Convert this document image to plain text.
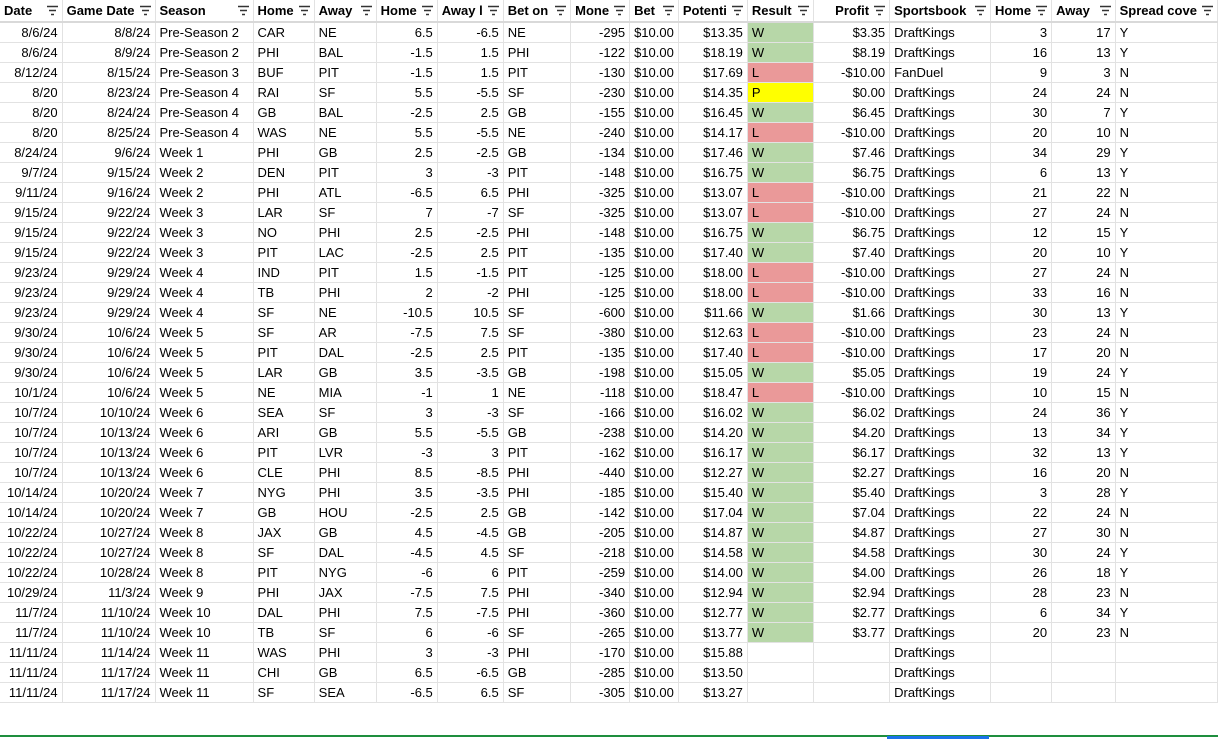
Date	Game Date	Season	Home	Away	Home	Away l	Bet on	Mone	Bet	Potenti	Result	Profit	Sportsbook	Home	Away	Spread cove

8/6/24	8/8/24	Pre-Season 2	CAR	NE	6.5	-6.5	NE	-295	$10.00	$13.35	W	$3.35	DraftKings	3	17	Y
8/6/24	8/9/24	Pre-Season 2	PHI	BAL	-1.5	1.5	PHI	-122	$10.00	$18.19	W	$8.19	DraftKings	16	13	Y
8/12/24	8/15/24	Pre-Season 3	BUF	PIT	-1.5	1.5	PIT	-130	$10.00	$17.69	L	-$10.00	FanDuel	9	3	N
8/20	8/23/24	Pre-Season 4	RAI	SF	5.5	-5.5	SF	-230	$10.00	$14.35	P	$0.00	DraftKings	24	24	N
8/20	8/24/24	Pre-Season 4	GB	BAL	-2.5	2.5	GB	-155	$10.00	$16.45	W	$6.45	DraftKings	30	7	Y
8/20	8/25/24	Pre-Season 4	WAS	NE	5.5	-5.5	NE	-240	$10.00	$14.17	L	-$10.00	DraftKings	20	10	N
8/24/24	9/6/24	Week 1	PHI	GB	2.5	-2.5	GB	-134	$10.00	$17.46	W	$7.46	DraftKings	34	29	Y
9/7/24	9/15/24	Week 2	DEN	PIT	3	-3	PIT	-148	$10.00	$16.75	W	$6.75	DraftKings	6	13	Y
9/11/24	9/16/24	Week 2	PHI	ATL	-6.5	6.5	PHI	-325	$10.00	$13.07	L	-$10.00	DraftKings	21	22	N
9/15/24	9/22/24	Week 3	LAR	SF	7	-7	SF	-325	$10.00	$13.07	L	-$10.00	DraftKings	27	24	N
9/15/24	9/22/24	Week 3	NO	PHI	2.5	-2.5	PHI	-148	$10.00	$16.75	W	$6.75	DraftKings	12	15	Y
9/15/24	9/22/24	Week 3	PIT	LAC	-2.5	2.5	PIT	-135	$10.00	$17.40	W	$7.40	DraftKings	20	10	Y
9/23/24	9/29/24	Week 4	IND	PIT	1.5	-1.5	PIT	-125	$10.00	$18.00	L	-$10.00	DraftKings	27	24	N
9/23/24	9/29/24	Week 4	TB	PHI	2	-2	PHI	-125	$10.00	$18.00	L	-$10.00	DraftKings	33	16	N
9/23/24	9/29/24	Week 4	SF	NE	-10.5	10.5	SF	-600	$10.00	$11.66	W	$1.66	DraftKings	30	13	Y
9/30/24	10/6/24	Week 5	SF	AR	-7.5	7.5	SF	-380	$10.00	$12.63	L	-$10.00	DraftKings	23	24	N
9/30/24	10/6/24	Week 5	PIT	DAL	-2.5	2.5	PIT	-135	$10.00	$17.40	L	-$10.00	DraftKings	17	20	N
9/30/24	10/6/24	Week 5	LAR	GB	3.5	-3.5	GB	-198	$10.00	$15.05	W	$5.05	DraftKings	19	24	Y
10/1/24	10/6/24	Week 5	NE	MIA	-1	1	NE	-118	$10.00	$18.47	L	-$10.00	DraftKings	10	15	N
10/7/24	10/10/24	Week 6	SEA	SF	3	-3	SF	-166	$10.00	$16.02	W	$6.02	DraftKings	24	36	Y
10/7/24	10/13/24	Week 6	ARI	GB	5.5	-5.5	GB	-238	$10.00	$14.20	W	$4.20	DraftKings	13	34	Y
10/7/24	10/13/24	Week 6	PIT	LVR	-3	3	PIT	-162	$10.00	$16.17	W	$6.17	DraftKings	32	13	Y
10/7/24	10/13/24	Week 6	CLE	PHI	8.5	-8.5	PHI	-440	$10.00	$12.27	W	$2.27	DraftKings	16	20	N
10/14/24	10/20/24	Week 7	NYG	PHI	3.5	-3.5	PHI	-185	$10.00	$15.40	W	$5.40	DraftKings	3	28	Y
10/14/24	10/20/24	Week 7	GB	HOU	-2.5	2.5	GB	-142	$10.00	$17.04	W	$7.04	DraftKings	22	24	N
10/22/24	10/27/24	Week 8	JAX	GB	4.5	-4.5	GB	-205	$10.00	$14.87	W	$4.87	DraftKings	27	30	N
10/22/24	10/27/24	Week 8	SF	DAL	-4.5	4.5	SF	-218	$10.00	$14.58	W	$4.58	DraftKings	30	24	Y
10/22/24	10/28/24	Week 8	PIT	NYG	-6	6	PIT	-259	$10.00	$14.00	W	$4.00	DraftKings	26	18	Y
10/29/24	11/3/24	Week 9	PHI	JAX	-7.5	7.5	PHI	-340	$10.00	$12.94	W	$2.94	DraftKings	28	23	N
11/7/24	11/10/24	Week 10	DAL	PHI	7.5	-7.5	PHI	-360	$10.00	$12.77	W	$2.77	DraftKings	6	34	Y
11/7/24	11/10/24	Week 10	TB	SF	6	-6	SF	-265	$10.00	$13.77	W	$3.77	DraftKings	20	23	N
11/11/24	11/14/24	Week 11	WAS	PHI	3	-3	PHI	-170	$10.00	$15.88			DraftKings			
11/11/24	11/17/24	Week 11	CHI	GB	6.5	-6.5	GB	-285	$10.00	$13.50			DraftKings			
11/11/24	11/17/24	Week 11	SF	SEA	-6.5	6.5	SF	-305	$10.00	$13.27			DraftKings			
